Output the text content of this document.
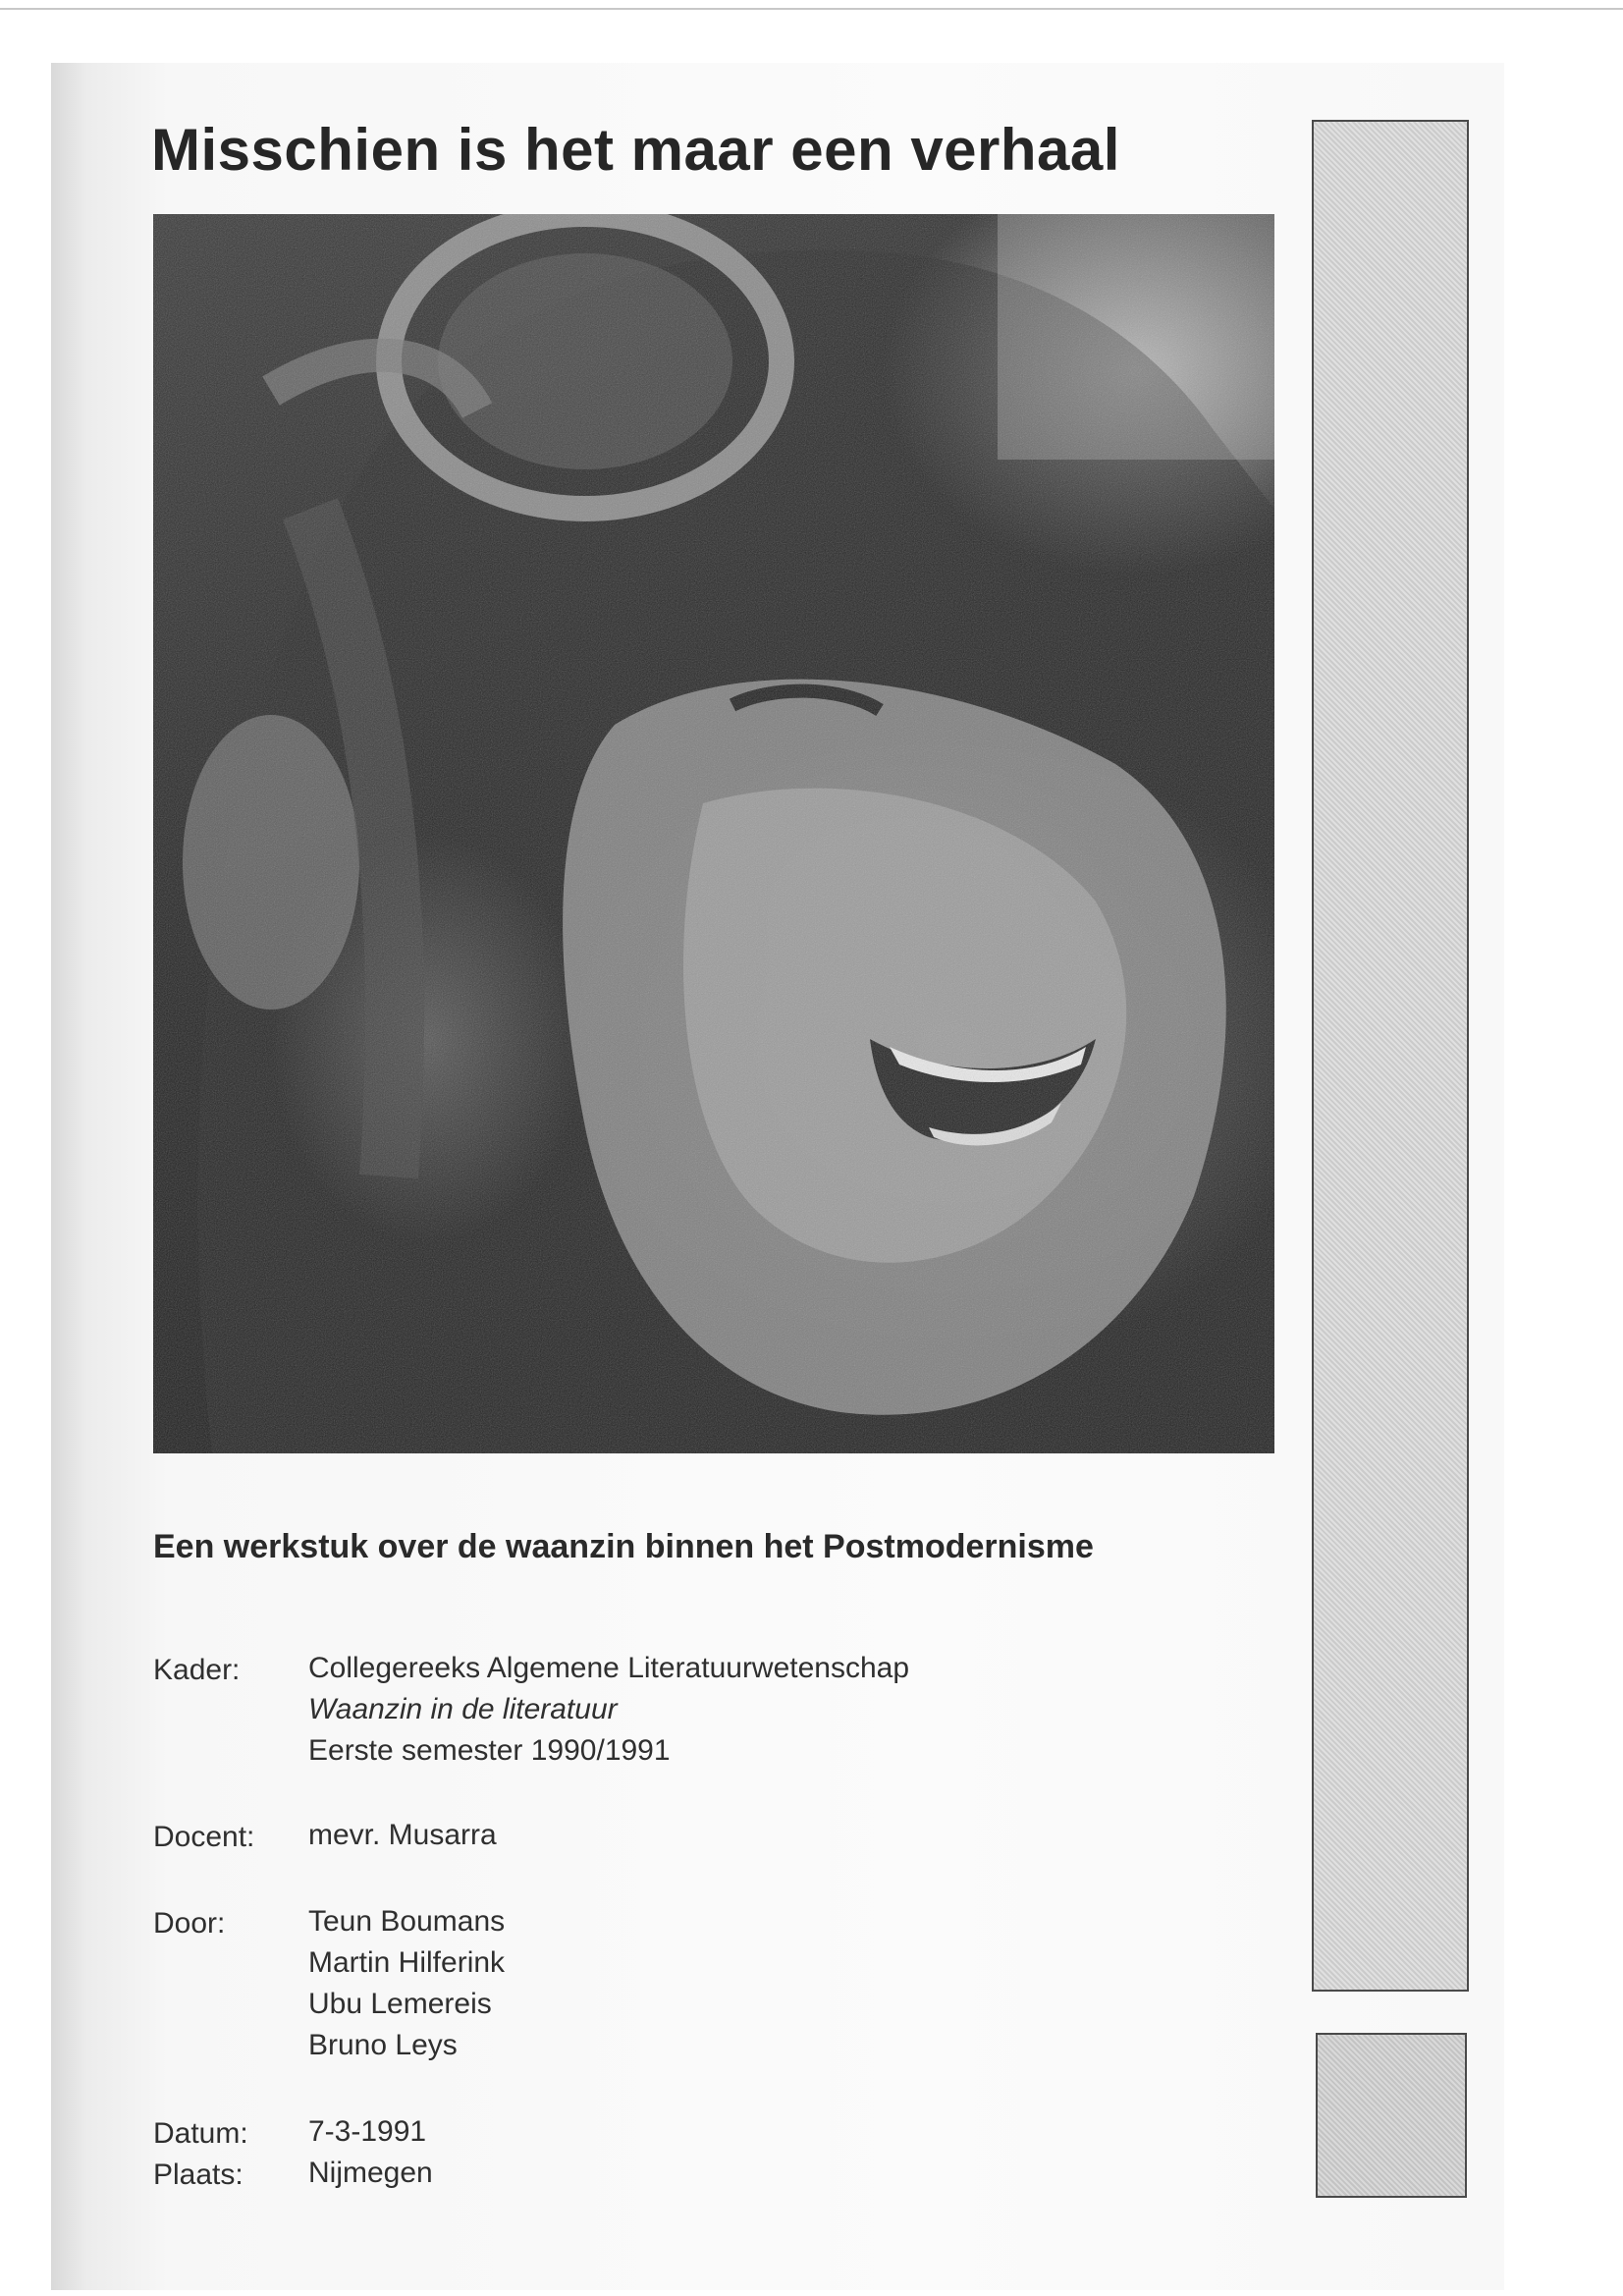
Misschien is het maar een verhaal
Een werkstuk over de waanzin binnen het Postmodernisme
Kader: Collegereeks Algemene Literatuurwetenschap
Waanzin in de literatuur
Eerste semester 1990/1991
Docent: mevr. Musarra
Door:	Teun Boumans
Martin Hilferink
Ubu Lemereis
Bruno Leys
Datum: 7-3-1991
Plaats: Nijmegen
